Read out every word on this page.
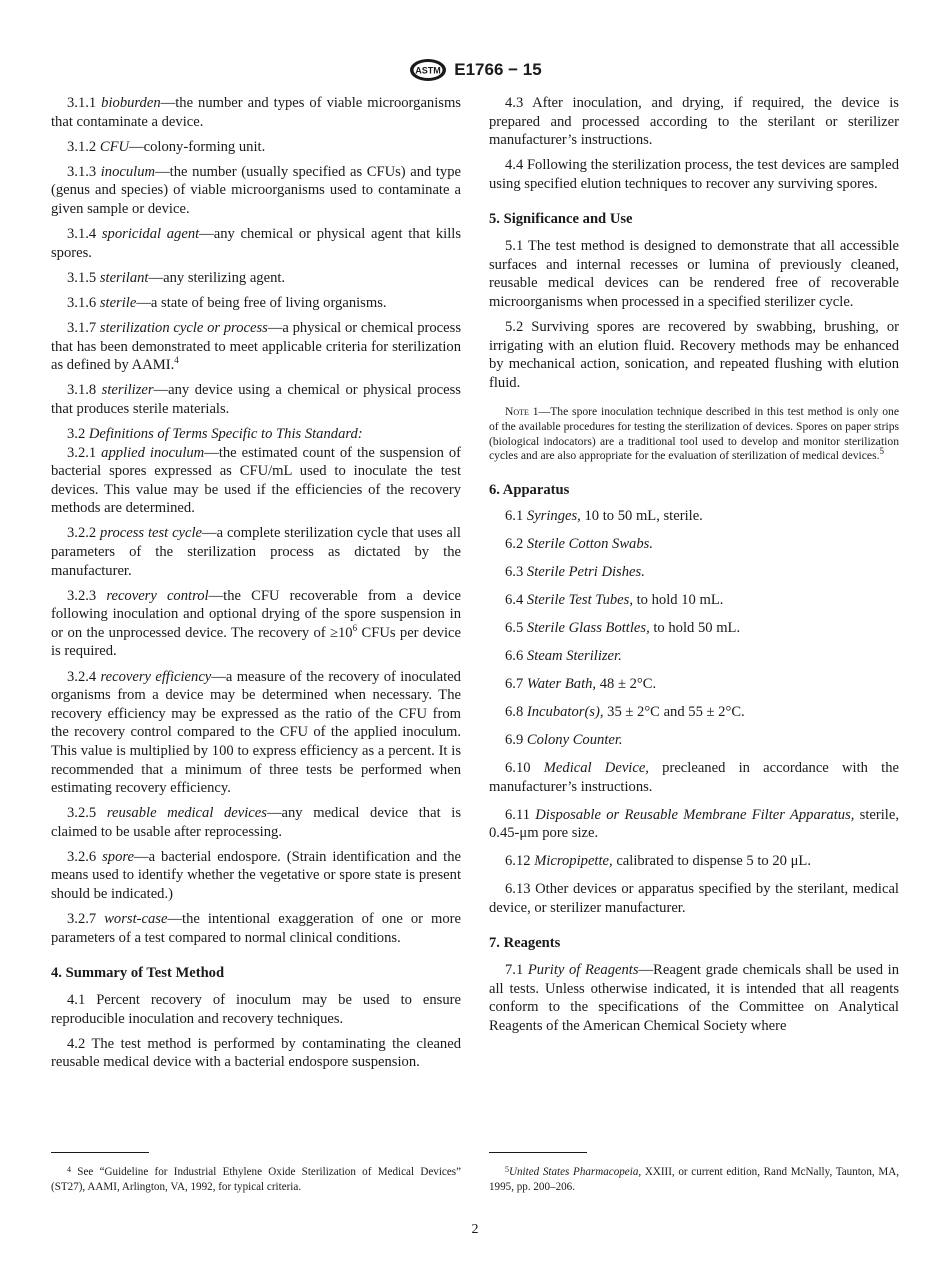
ASTM E1766 − 15

3.1.1 bioburden—the number and types of viable microorganisms that contaminate a device.

3.1.2 CFU—colony-forming unit.

3.1.3 inoculum—the number (usually specified as CFUs) and type (genus and species) of viable microorganisms used to contaminate a given sample or device.

3.1.4 sporicidal agent—any chemical or physical agent that kills spores.

3.1.5 sterilant—any sterilizing agent.

3.1.6 sterile—a state of being free of living organisms.

3.1.7 sterilization cycle or process—a physical or chemical process that has been demonstrated to meet applicable criteria for sterilization as defined by AAMI.$^4$

3.1.8 sterilizer—any device using a chemical or physical process that produces sterile materials.

3.2 Definitions of Terms Specific to This Standard:

3.2.1 applied inoculum—the estimated count of the suspension of bacterial spores expressed as CFU/mL used to inoculate the test devices. This value may be used if the efficiencies of the recovery methods are determined.

3.2.2 process test cycle—a complete sterilization cycle that uses all parameters of the sterilization process as dictated by the manufacturer.

3.2.3 recovery control—the CFU recoverable from a device following inoculation and optional drying of the spore suspension in or on the unprocessed device. The recovery of $\ge 10^6$ CFUs per device is required.

3.2.4 recovery efficiency—a measure of the recovery of inoculated organisms from a device may be determined when necessary. The recovery efficiency may be expressed as the ratio of the CFU from the recovery control compared to the CFU of the applied inoculum. This value is multiplied by 100 to express efficiency as a percent. It is recommended that a minimum of three tests be performed when estimating recovery efficiency.

3.2.5 reusable medical devices—any medical device that is claimed to be usable after reprocessing.

3.2.6 spore—a bacterial endospore. (Strain identification and the means used to identify whether the vegetative or spore state is present should be indicated.)

3.2.7 worst-case—the intentional exaggeration of one or more parameters of a test compared to normal clinical conditions.

4. Summary of Test Method

4.1 Percent recovery of inoculum may be used to ensure reproducible inoculation and recovery techniques.

4.2 The test method is performed by contaminating the cleaned reusable medical device with a bacterial endospore suspension.

4.3 After inoculation, and drying, if required, the device is prepared and processed according to the sterilant or sterilizer manufacturer’s instructions.

4.4 Following the sterilization process, the test devices are sampled using specified elution techniques to recover any surviving spores.

5. Significance and Use

5.1 The test method is designed to demonstrate that all accessible surfaces and internal recesses or lumina of previously cleaned, reusable medical devices can be rendered free of recoverable microorganisms when processed in a specified sterilizer cycle.

5.2 Surviving spores are recovered by swabbing, brushing, or irrigating with an elution fluid. Recovery methods may be enhanced by mechanical action, sonication, and repeated flushing with elution fluid.

Note 1—The spore inoculation technique described in this test method is only one of the available procedures for testing the sterilization of devices. Spores on paper strips (biological indocators) are a traditional tool used to develop and monitor sterilization cycles and are also appropriate for the evaluation of sterilization of medical devices.$^5$

6. Apparatus

6.1 Syringes, 10 to 50 mL, sterile.

6.2 Sterile Cotton Swabs.

6.3 Sterile Petri Dishes.

6.4 Sterile Test Tubes, to hold 10 mL.

6.5 Sterile Glass Bottles, to hold 50 mL.

6.6 Steam Sterilizer.

6.7 Water Bath, 48 ± 2°C.

6.8 Incubator(s), 35 ± 2°C and 55 ± 2°C.

6.9 Colony Counter.

6.10 Medical Device, precleaned in accordance with the manufacturer’s instructions.

6.11 Disposable or Reusable Membrane Filter Apparatus, sterile, 0.45-μm pore size.

6.12 Micropipette, calibrated to dispense 5 to 20 μL.

6.13 Other devices or apparatus specified by the sterilant, medical device, or sterilizer manufacturer.

7. Reagents

7.1 Purity of Reagents—Reagent grade chemicals shall be used in all tests. Unless otherwise indicated, it is intended that all reagents conform to the specifications of the Committee on Analytical Reagents of the American Chemical Society where

$^4$ See “Guideline for Industrial Ethylene Oxide Sterilization of Medical Devices” (ST27), AAMI, Arlington, VA, 1992, for typical criteria.
$^5$United States Pharmacopeia, XXIII, or current edition, Rand McNally, Taunton, MA, 1995, pp. 200–206.
2
